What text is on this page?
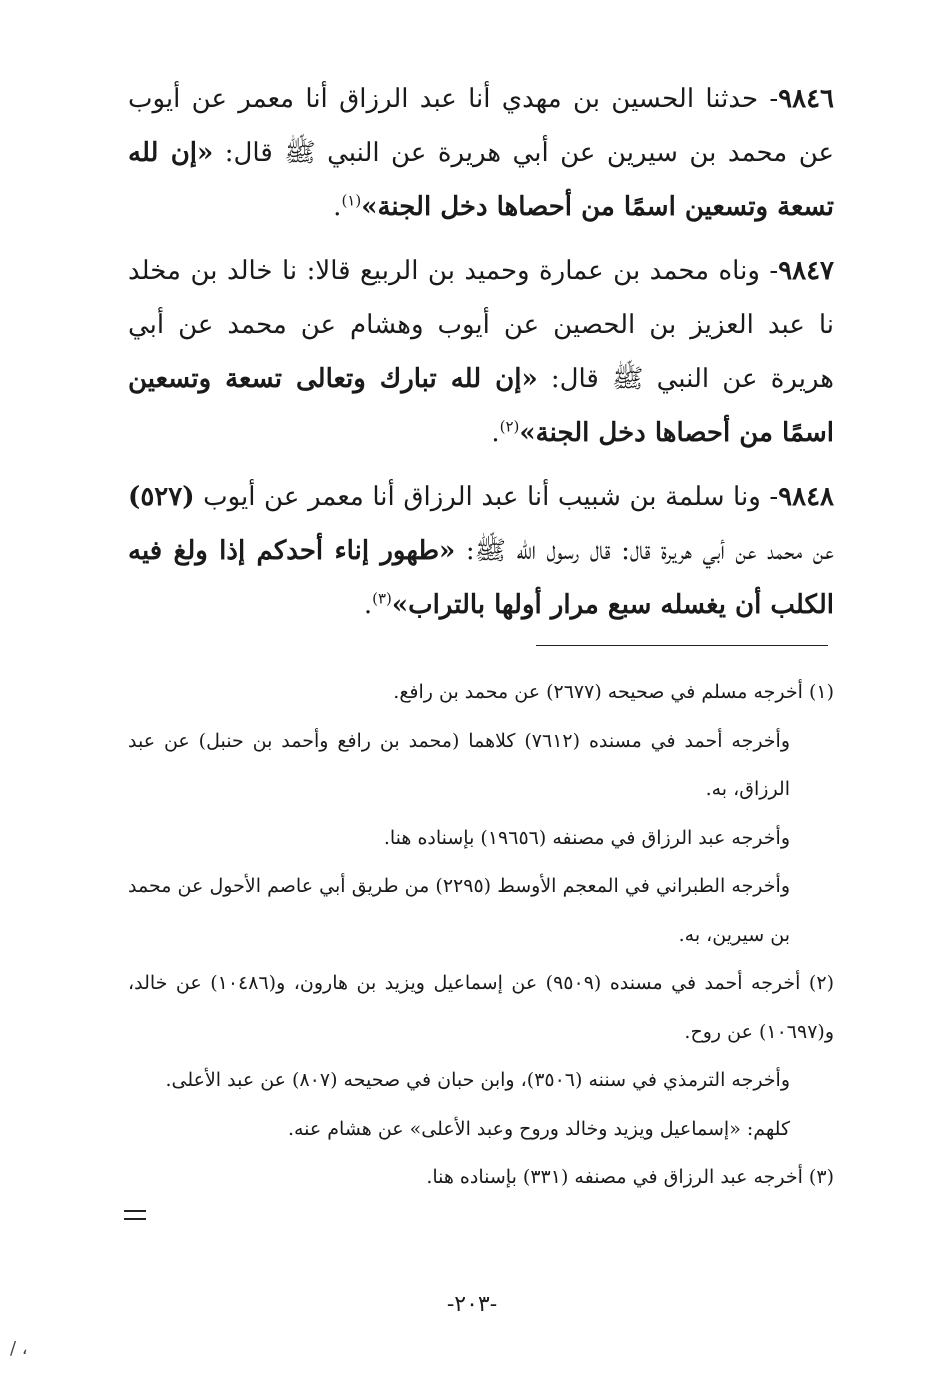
٩٨٤٦- حدثنا الحسين بن مهدي أنا عبد الرزاق أنا معمر عن أيوب عن محمد بن سيرين عن أبي هريرة عن النبي ﷺ قال: «إن لله تسعة وتسعين اسمًا من أحصاها دخل الجنة»$^{(١)}$.
٩٨٤٧- وناه محمد بن عمارة وحميد بن الربيع قالا: نا خالد بن مخلد نا عبد العزيز بن الحصين عن أيوب وهشام عن محمد عن أبي هريرة عن النبي ﷺ قال: «إن لله تبارك وتعالى تسعة وتسعين اسمًا من أحصاها دخل الجنة»$^{(٢)}$.
٩٨٤٨- ونا سلمة بن شبيب أنا عبد الرزاق أنا معمر عن أيوب (٥٢٧) عن محمد عن أبي هريرة قال: قال رسول الله ﷺ: «طهور إناء أحدكم إذا ولغ فيه الكلب أن يغسله سبع مرار أولها بالتراب»$^{(٣)}$.
(١) أخرجه مسلم في صحيحه (٢٦٧٧) عن محمد بن رافع.
وأخرجه أحمد في مسنده (٧٦١٢) كلاهما (محمد بن رافع وأحمد بن حنبل) عن عبد الرزاق، به.
وأخرجه عبد الرزاق في مصنفه (١٩٦٥٦) بإسناده هنا.
وأخرجه الطبراني في المعجم الأوسط (٢٢٩٥) من طريق أبي عاصم الأحول عن محمد بن سيرين، به.
(٢) أخرجه أحمد في مسنده (٩٥٠٩) عن إسماعيل ويزيد بن هارون، و(١٠٤٨٦) عن خالد، و(١٠٦٩٧) عن روح.
وأخرجه الترمذي في سننه (٣٥٠٦)، وابن حبان في صحيحه (٨٠٧) عن عبد الأعلى.
كلهم: «إسماعيل ويزيد وخالد وروح وعبد الأعلى» عن هشام عنه.
(٣) أخرجه عبد الرزاق في مصنفه (٣٣١) بإسناده هنا.
-٢٠٣-
، /
